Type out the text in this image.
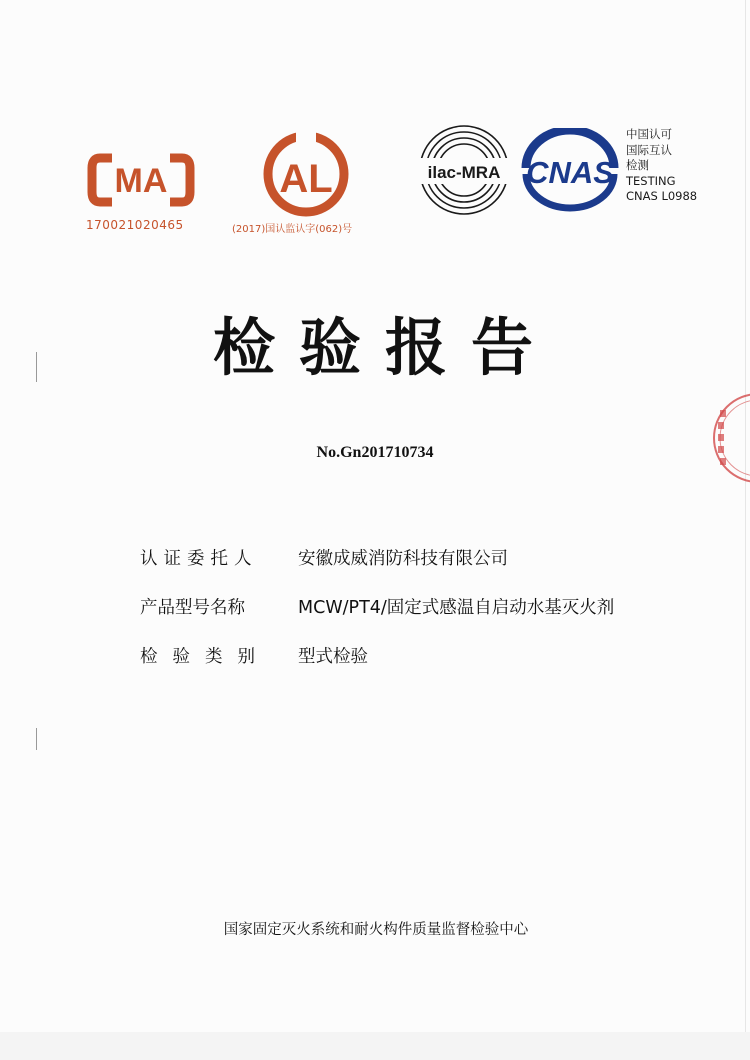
MA
170021020465
AL
(2017)国认监认字(062)号
ilac-MRA CNAS
中国认可
国际互认
检测
TESTING
CNAS L0988
检验报告
No.Gn201710734
认证委托人 安徽成威消防科技有限公司
产品型号名称	MCW/PT4/固定式感温自启动水基灭火剂
检验类别 型式检验
国家固定灭火系统和耐火构件质量监督检验中心
